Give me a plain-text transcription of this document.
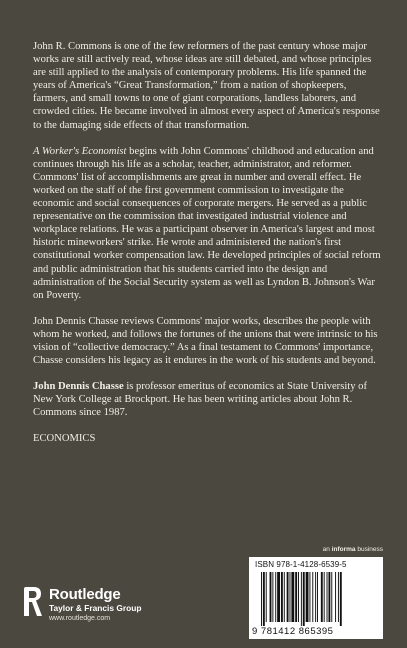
John R. Commons is one of the few reformers of the past century whose major works are still actively read, whose ideas are still debated, and whose principles are still applied to the analysis of contemporary problems. His life spanned the years of America's “Great Transformation,” from a nation of shopkeepers, farmers, and small towns to one of giant corporations, landless laborers, and crowded cities. He became involved in almost every aspect of America's response to the damaging side effects of that transformation.

A Worker's Economist begins with John Commons' childhood and education and continues through his life as a scholar, teacher, administrator, and reformer. Commons' list of accomplishments are great in number and overall effect. He worked on the staff of the first government commission to investigate the economic and social consequences of corporate mergers. He served as a public representative on the commission that investigated industrial violence and workplace relations. He was a participant observer in America's largest and most historic mineworkers' strike. He wrote and administered the nation's first constitutional worker compensation law. He developed principles of social reform and public administration that his students carried into the design and administration of the Social Security system as well as Lyndon B. Johnson's War on Poverty.

John Dennis Chasse reviews Commons' major works, describes the people with whom he worked, and follows the fortunes of the unions that were intrinsic to his vision of “collective democracy.” As a final testament to Commons' importance, Chasse considers his legacy as it endures in the work of his students and beyond.

John Dennis Chasse is professor emeritus of economics at State University of New York College at Brockport. He has been writing articles about John R. Commons since 1987.

ECONOMICS

Routledge
Taylor & Francis Group
www.routledge.com
an informa business
ISBN 978-1-4128-6539-5
9 781412 865395
